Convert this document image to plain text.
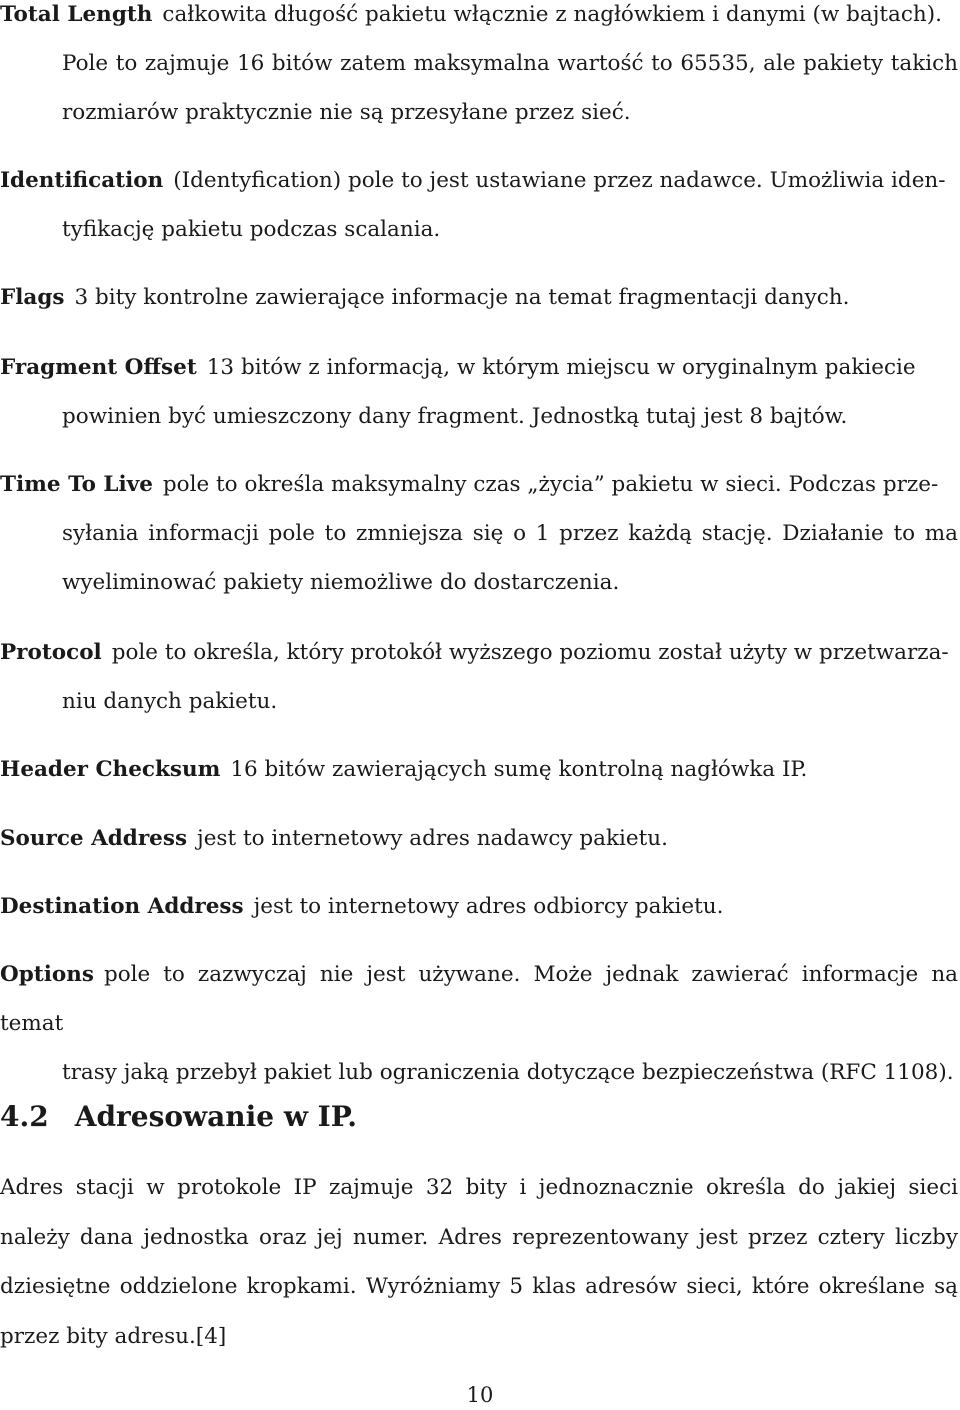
Total Length całkowita długość pakietu włącznie z nagłówkiem i danymi (w bajtach).
Pole to zajmuje 16 bitów zatem maksymalna wartość to 65535, ale pakiety takich rozmiarów praktycznie nie są przesyłane przez sieć.

Identification (Identyfication) pole to jest ustawiane przez nadawce. Umożliwia iden-
tyfikację pakietu podczas scalania.

Flags 3 bity kontrolne zawierające informacje na temat fragmentacji danych.

Fragment Offset 13 bitów z informacją, w którym miejscu w oryginalnym pakiecie
powinien być umieszczony dany fragment. Jednostką tutaj jest 8 bajtów.

Time To Live pole to określa maksymalny czas „życia” pakietu w sieci. Podczas prze-
syłania informacji pole to zmniejsza się o 1 przez każdą stację. Działanie to ma wyeliminować pakiety niemożliwe do dostarczenia.

Protocol pole to określa, który protokół wyższego poziomu został użyty w przetwarza-
niu danych pakietu.

Header Checksum 16 bitów zawierających sumę kontrolną nagłówka IP.

Source Address jest to internetowy adres nadawcy pakietu.

Destination Address jest to internetowy adres odbiorcy pakietu.

Options pole to zazwyczaj nie jest używane. Może jednak zawierać informacje na temat
trasy jaką przebył pakiet lub ograniczenia dotyczące bezpieczeństwa (RFC 1108).

4.2 Adresowanie w IP.

Adres stacji w protokole IP zajmuje 32 bity i jednoznacznie określa do jakiej sieci należy dana jednostka oraz jej numer. Adres reprezentowany jest przez cztery liczby dziesiętne oddzielone kropkami. Wyróżniamy 5 klas adresów sieci, które określane są przez bity adresu.[4]

10
